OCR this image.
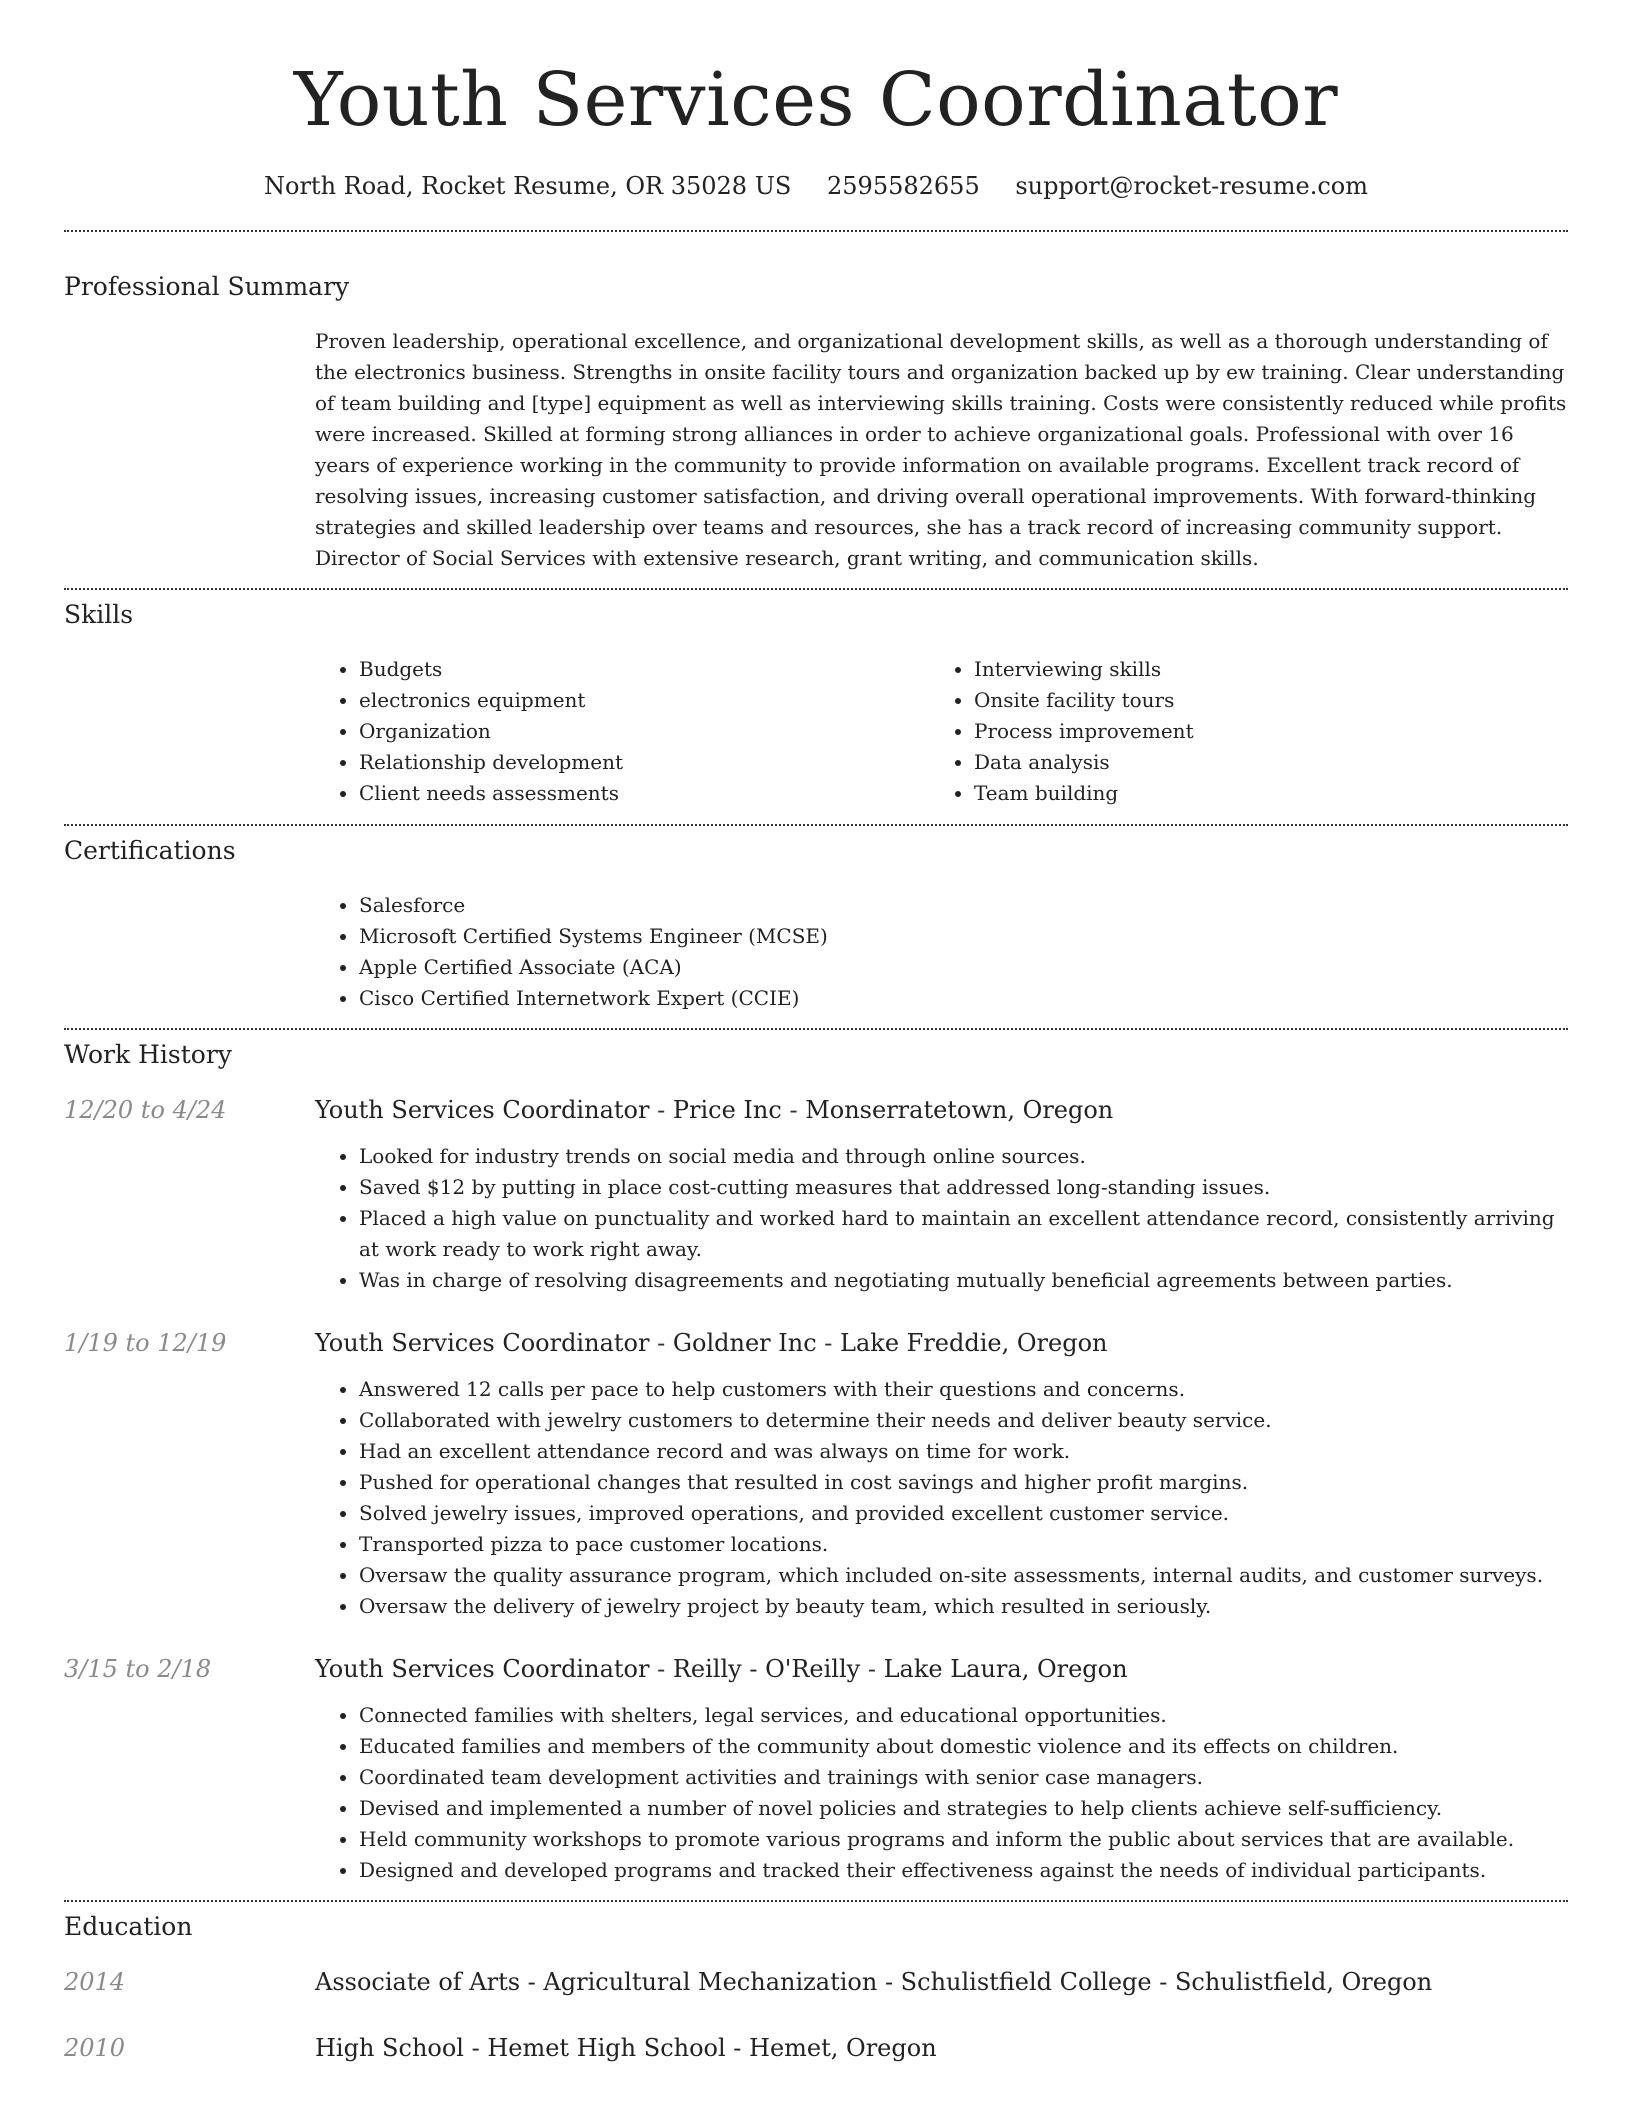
Youth Services Coordinator
North Road, Rocket Resume, OR 35028 US 2595582655 support@rocket-resume.com
Professional Summary

Proven leadership, operational excellence, and organizational development skills, as well as a thorough understanding of the electronics business. Strengths in onsite facility tours and organization backed up by ew training. Clear understanding of team building and [type] equipment as well as interviewing skills training. Costs were consistently reduced while profits were increased. Skilled at forming strong alliances in order to achieve organizational goals. Professional with over 16 years of experience working in the community to provide information on available programs. Excellent track record of resolving issues, increasing customer satisfaction, and driving overall operational improvements. With forward-thinking strategies and skilled leadership over teams and resources, she has a track record of increasing community support. Director of Social Services with extensive research, grant writing, and communication skills.

Skills
• Budgets
• electronics equipment
• Organization
• Relationship development
• Client needs assessments
• Interviewing skills
• Onsite facility tours
• Process improvement
• Data analysis
• Team building
Certifications
• Salesforce
• Microsoft Certified Systems Engineer (MCSE)
• Apple Certified Associate (ACA)
• Cisco Certified Internetwork Expert (CCIE)
Work History
12/20 to 4/24	Youth Services Coordinator - Price Inc - Monserratetown, Oregon
• Looked for industry trends on social media and through online sources.
• Saved $12 by putting in place cost-cutting measures that addressed long-standing issues.
• Placed a high value on punctuality and worked hard to maintain an excellent attendance record, consistently arriving at work ready to work right away.
• Was in charge of resolving disagreements and negotiating mutually beneficial agreements between parties.
1/19 to 12/19	Youth Services Coordinator - Goldner Inc - Lake Freddie, Oregon
• Answered 12 calls per pace to help customers with their questions and concerns.
• Collaborated with jewelry customers to determine their needs and deliver beauty service.
• Had an excellent attendance record and was always on time for work.
• Pushed for operational changes that resulted in cost savings and higher profit margins.
• Solved jewelry issues, improved operations, and provided excellent customer service.
• Transported pizza to pace customer locations.
• Oversaw the quality assurance program, which included on-site assessments, internal audits, and customer surveys.
• Oversaw the delivery of jewelry project by beauty team, which resulted in seriously.
3/15 to 2/18	Youth Services Coordinator - Reilly - O'Reilly - Lake Laura, Oregon
• Connected families with shelters, legal services, and educational opportunities.
• Educated families and members of the community about domestic violence and its effects on children.
• Coordinated team development activities and trainings with senior case managers.
• Devised and implemented a number of novel policies and strategies to help clients achieve self-sufficiency.
• Held community workshops to promote various programs and inform the public about services that are available.
• Designed and developed programs and tracked their effectiveness against the needs of individual participants.
Education
2014	Associate of Arts - Agricultural Mechanization - Schulistfield College - Schulistfield, Oregon
2010	High School - Hemet High School - Hemet, Oregon
